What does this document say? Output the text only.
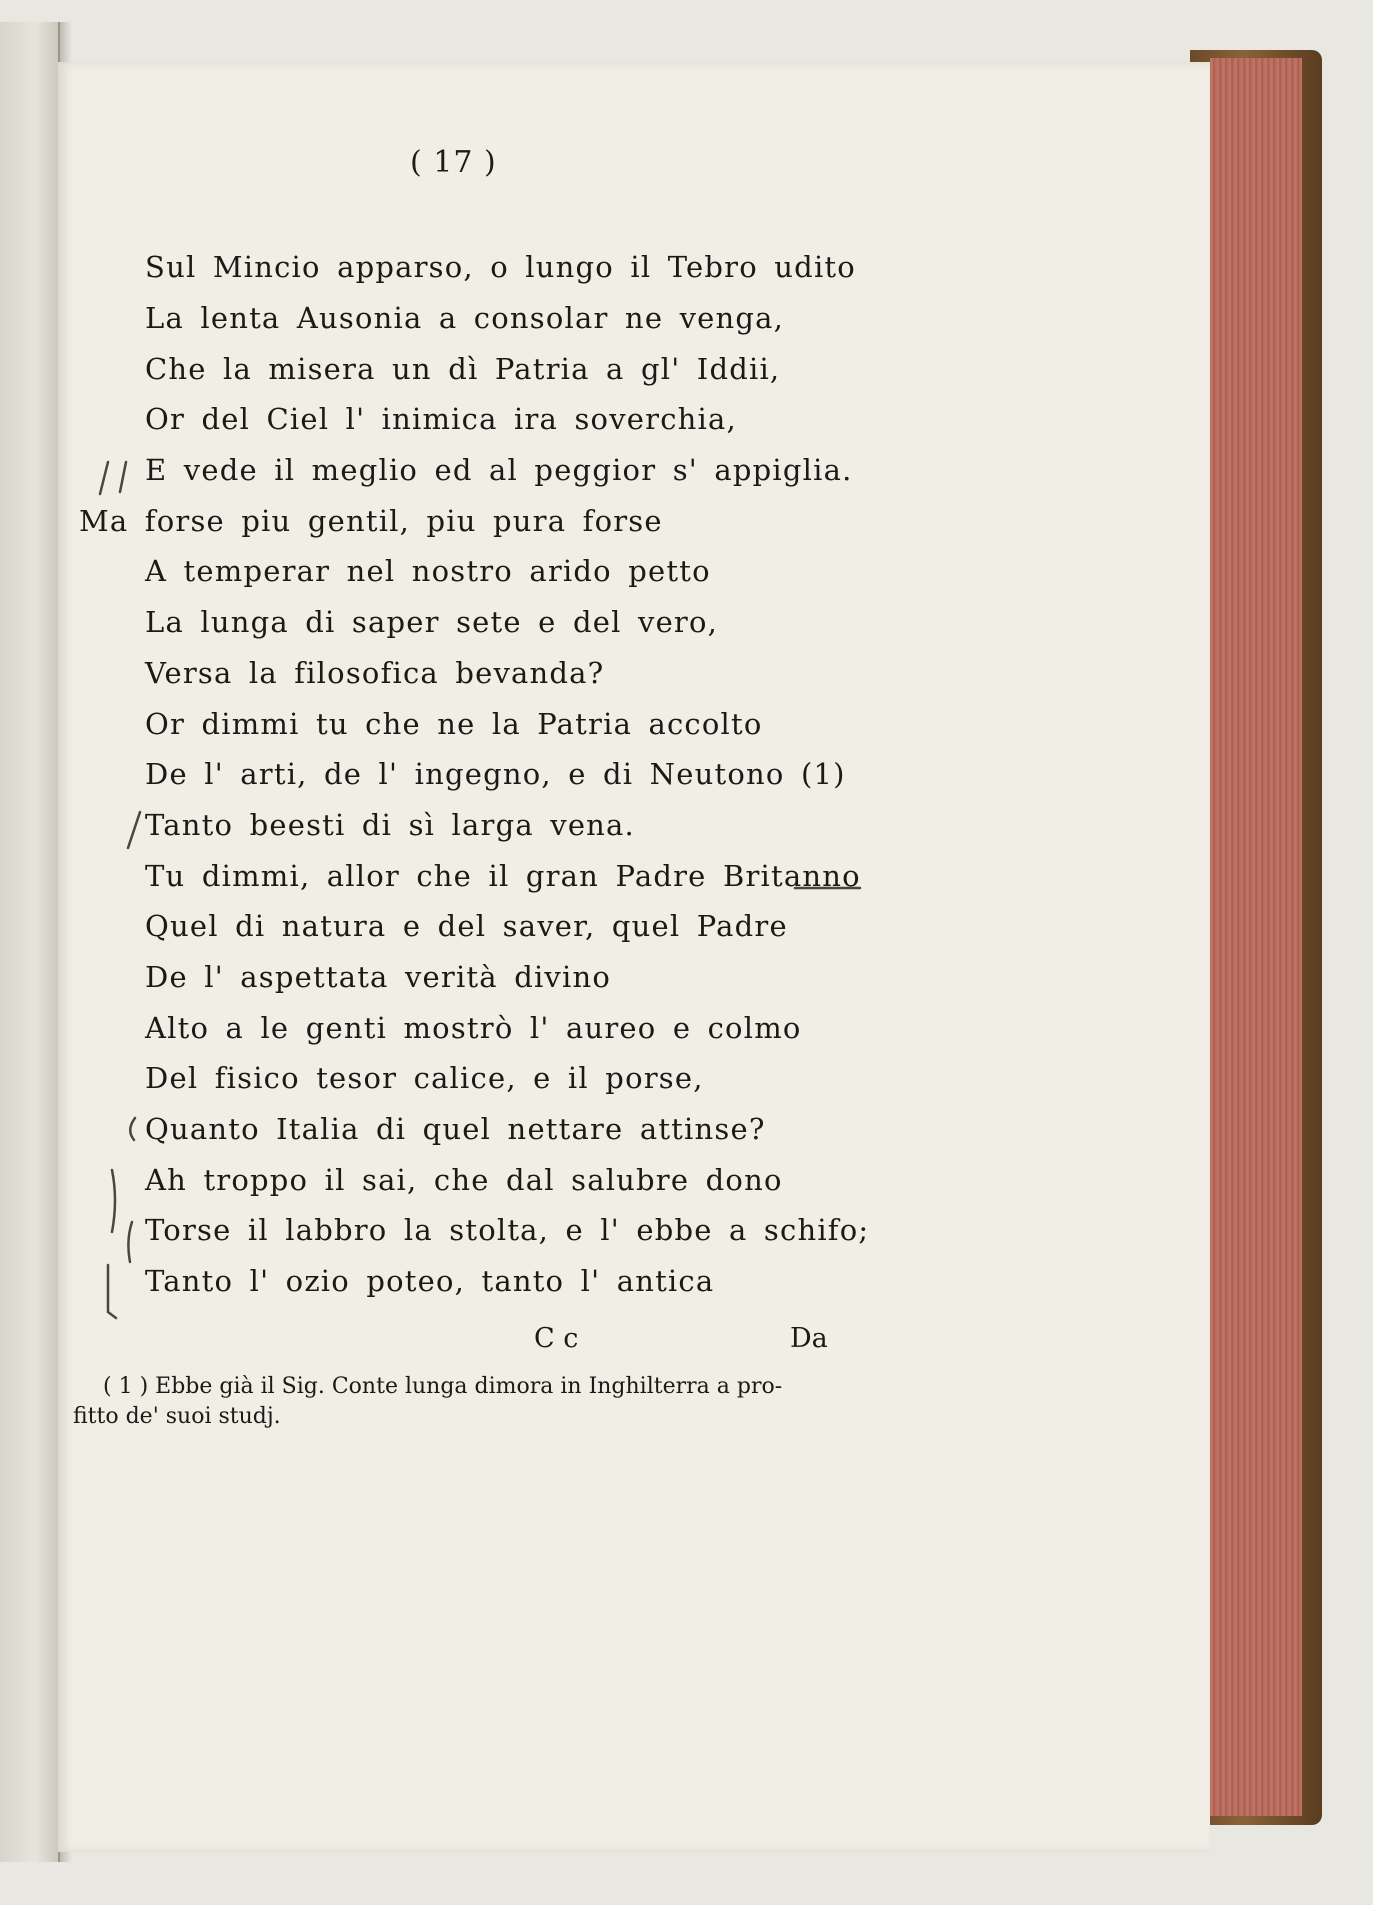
( 17 )
Sul Mincio apparso, o lungo il Tebro udito
La lenta Ausonia a consolar ne venga,
Che la misera un dì Patria a gl' Iddii,
Or del Ciel l' inimica ira soverchia,
E vede il meglio ed al peggior s' appiglia.
Ma forse piu gentil, piu pura forse
A temperar nel nostro arido petto
La lunga di saper sete e del vero,
Versa la filosofica bevanda?
Or dimmi tu che ne la Patria accolto
De l' arti, de l' ingegno, e di Neutono (1)
Tanto beesti di sì larga vena.
Tu dimmi, allor che il gran Padre Britanno
Quel di natura e del saver, quel Padre
De l' aspettata verità divino
Alto a le genti mostrò l' aureo e colmo
Del fisico tesor calice, e il porse,
Quanto Italia di quel nettare attinse?
Ah troppo il sai, che dal salubre dono
Torse il labbro la stolta, e l' ebbe a schifo;
Tanto l' ozio poteo, tanto l' antica
C c	Da
( 1 ) Ebbe già il Sig. Conte lunga dimora in Inghilterra a pro-
fitto de' suoi studj.
